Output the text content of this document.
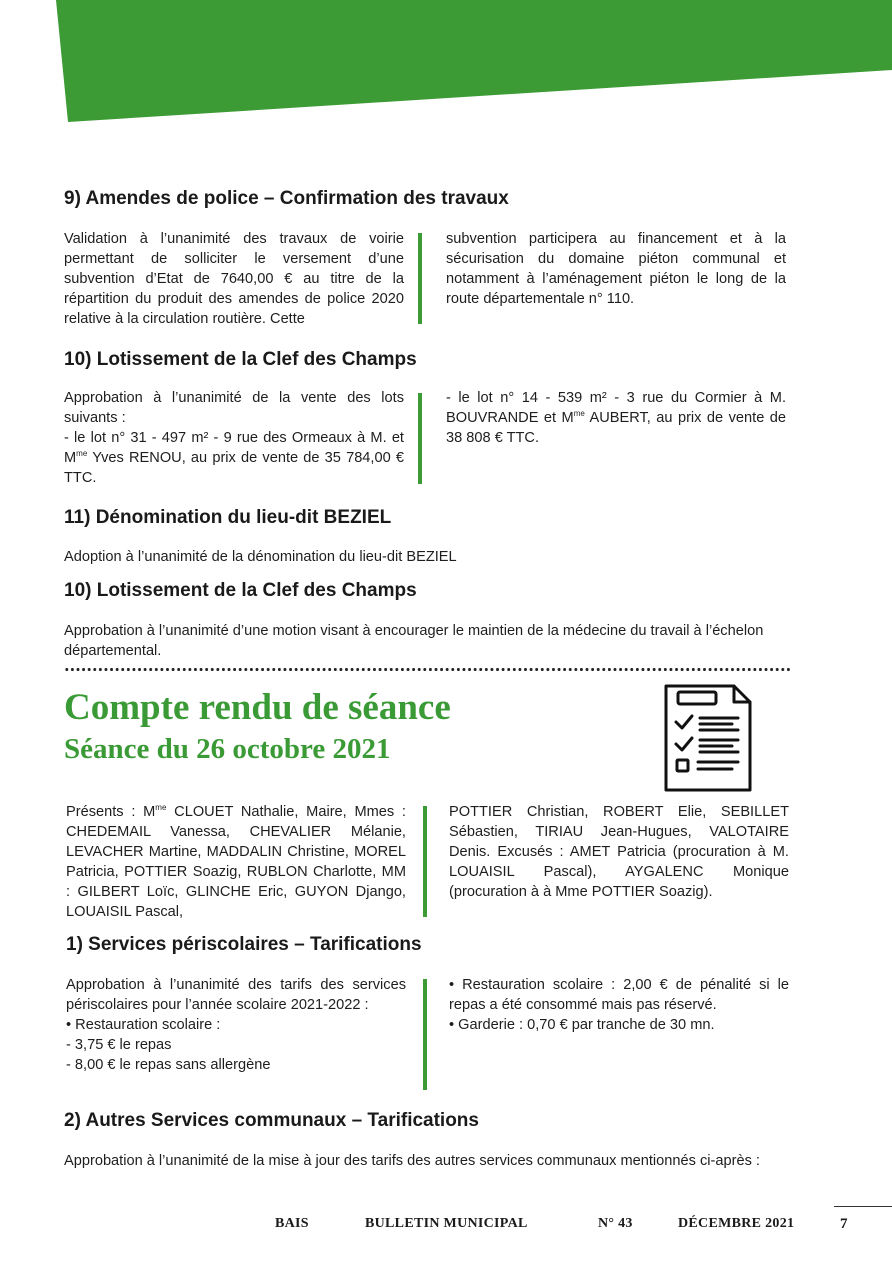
9) Amendes de police – Confirmation des travaux
Validation à l’unanimité des travaux de voirie permettant de solliciter le versement d’une subvention d’Etat de 7640,00 € au titre de la répartition du produit des amendes de police 2020 relative à la circulation routière. Cette
subvention participera au financement et à la sécurisation du domaine piéton communal et notamment à l’aménagement piéton le long de la route départementale n° 110.
10) Lotissement de la Clef des Champs

Approbation à l’unanimité de la vente des lots suivants :

- le lot n° 31 - 497 m² - 9 rue des Ormeaux à M. et $M^{me}$ Yves RENOU, au prix de vente de 35 784,00 € TTC.

- le lot n° 14 - 539 m² - 3 rue du Cormier à M. BOUVRANDE et $M^{me}$ AUBERT, au prix de vente de 38 808 € TTC.

11) Dénomination du lieu-dit BEZIEL

Adoption à l’unanimité de la dénomination du lieu-dit BEZIEL

10) Lotissement de la Clef des Champs

Approbation à l’unanimité d’une motion visant à encourager le maintien de la médecine du travail à l’échelon départemental.

Compte rendu de séance
Séance du 26 octobre 2021

Présents : $M^{me}$ CLOUET Nathalie, Maire, Mmes : CHEDEMAIL Vanessa, CHEVALIER Mélanie, LEVACHER Martine, MADDALIN Christine, MOREL Patricia, POTTIER Soazig, RUBLON Charlotte, MM : GILBERT Loïc, GLINCHE Eric, GUYON Django, LOUAISIL Pascal,

POTTIER Christian, ROBERT Elie, SEBILLET Sébastien, TIRIAU Jean-Hugues, VALOTAIRE Denis. Excusés : AMET Patricia (procuration à M. LOUAISIL Pascal), AYGALENC Monique (procuration à à Mme POTTIER Soazig).
1) Services périscolaires – Tarifications

Approbation à l’unanimité des tarifs des services périscolaires pour l’année scolaire 2021-2022 :

• Restauration scolaire :

- 3,75 € le repas

- 8,00 € le repas sans allergène

• Restauration scolaire : 2,00 € de pénalité si le repas a été consommé mais pas réservé.

• Garderie : 0,70 € par tranche de 30 mn.

2) Autres Services communaux – Tarifications

Approbation à l’unanimité de la mise à jour des tarifs des autres services communaux mentionnés ci-après :

BAIS	BULLETIN MUNICIPAL	N° 43	DÉCEMBRE 2021	7
